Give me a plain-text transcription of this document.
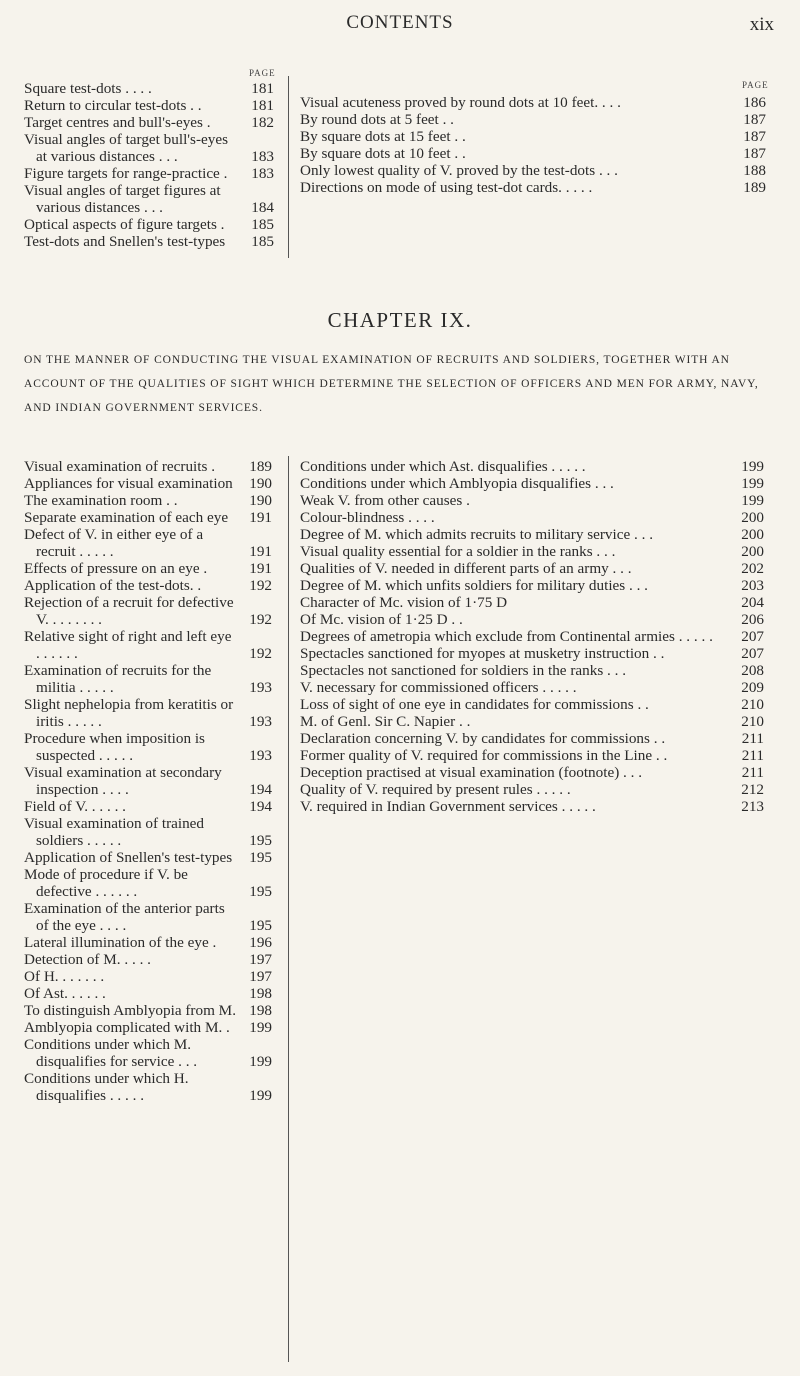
CONTENTS	xix
PAGE
PAGE
Square test-dots . . . .	181
Return to circular test-dots . .	181
Target centres and bull's-eyes .	182
Visual angles of target bull's-eyes at various distances . . .	183
Figure targets for range-practice .	183
Visual angles of target figures at various distances . . .	184
Optical aspects of figure targets .	185
Test-dots and Snellen's test-types	185
Visual acuteness proved by round dots at 10 feet. . . .	186
By round dots at 5 feet . .	187
By square dots at 15 feet . .	187
By square dots at 10 feet . .	187
Only lowest quality of V. proved by the test-dots . . .	188
Directions on mode of using test-dot cards. . . . .	189
CHAPTER IX.
ON THE MANNER OF CONDUCTING THE VISUAL EXAMINATION OF RECRUITS AND SOLDIERS, TOGETHER WITH AN ACCOUNT OF THE QUALITIES OF SIGHT WHICH DETERMINE THE SELECTION OF OFFICERS AND MEN FOR ARMY, NAVY, AND INDIAN GOVERNMENT SERVICES.
Visual examination of recruits .	189
Appliances for visual examination	190
The examination room . .	190
Separate examination of each eye	191
Defect of V. in either eye of a recruit . . . . .	191
Effects of pressure on an eye .	191
Application of the test-dots. .	192
Rejection of a recruit for defective V. . . . . . . .	192
Relative sight of right and left eye . . . . . .	192
Examination of recruits for the militia . . . . .	193
Slight nephelopia from keratitis or iritis . . . . .	193
Procedure when imposition is suspected . . . . .	193
Visual examination at secondary inspection . . . .	194
Field of V. . . . . .	194
Visual examination of trained soldiers . . . . .	195
Application of Snellen's test-types	195
Mode of procedure if V. be defective . . . . . .	195
Examination of the anterior parts of the eye . . . .	195
Lateral illumination of the eye .	196
Detection of M. . . . .	197
Of H. . . . . . .	197
Of Ast. . . . . .	198
To distinguish Amblyopia from M. 198
Amblyopia complicated with M. .	199
Conditions under which M. disqualifies for service . . .	199
Conditions under which H. disqualifies . . . . .	199
Conditions under which Ast. disqualifies . . . . .	199
Conditions under which Amblyopia disqualifies . . .	199
Weak V. from other causes .	199
Colour-blindness . . . .	200
Degree of M. which admits recruits to military service . . .	200
Visual quality essential for a soldier in the ranks . . .	200
Qualities of V. needed in different parts of an army . . .	202
Degree of M. which unfits soldiers for military duties . . .	203
Character of Mc. vision of 1·75 D	204
Of Mc. vision of 1·25 D . .	206
Degrees of ametropia which exclude from Continental armies . . . . .	207
Spectacles sanctioned for myopes at musketry instruction . .	207
Spectacles not sanctioned for soldiers in the ranks . . .	208
V. necessary for commissioned officers . . . . .	209
Loss of sight of one eye in candidates for commissions . .	210
M. of Genl. Sir C. Napier . .	210
Declaration concerning V. by candidates for commissions . .	211
Former quality of V. required for commissions in the Line . .	211
Deception practised at visual examination (footnote) . . .	211
Quality of V. required by present rules . . . . .	212
V. required in Indian Government services . . . . .	213
